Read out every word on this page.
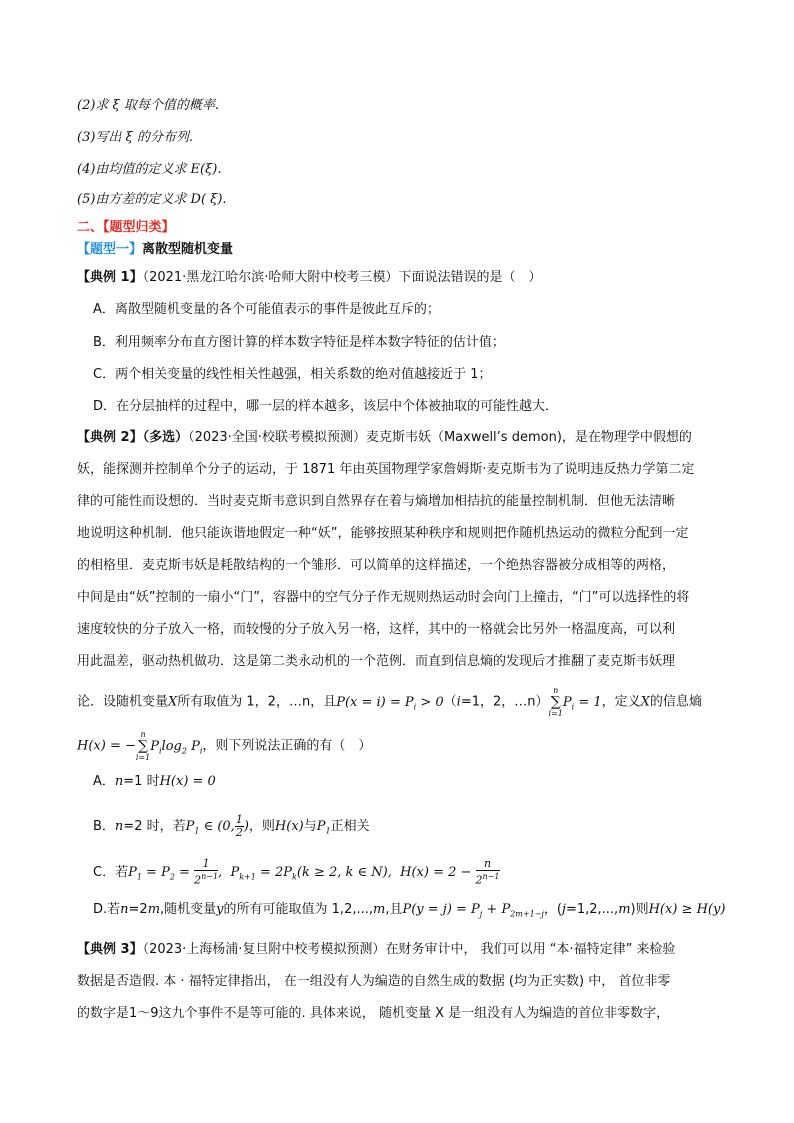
(2)求 ξ 取每个值的概率.
(3)写出 ξ 的分布列.
(4)由均值的定义求 E(ξ).
(5)由方差的定义求 D( ξ).
二、【题型归类】
【题型一】离散型随机变量
【典例 1】（2021·黑龙江哈尔滨·哈师大附中校考三模）下面说法错误的是（　）
A．离散型随机变量的各个可能值表示的事件是彼此互斥的；
B．利用频率分布直方图计算的样本数字特征是样本数字特征的估计值；
C．两个相关变量的线性相关性越强，相关系数的绝对值越接近于 1；
D．在分层抽样的过程中，哪一层的样本越多，该层中个体被抽取的可能性越大．
【典例 2】（多选）（2023·全国·校联考模拟预测）麦克斯韦妖（Maxwell’s demon)，是在物理学中假想的
妖，能探测并控制单个分子的运动，于 1871 年由英国物理学家詹姆斯·麦克斯韦为了说明违反热力学第二定
律的可能性而设想的．当时麦克斯韦意识到自然界存在着与熵增加相拮抗的能量控制机制．但他无法清晰
地说明这种机制．他只能诙谐地假定一种“妖”，能够按照某种秩序和规则把作随机热运动的微粒分配到一定
的相格里．麦克斯韦妖是耗散结构的一个雏形．可以简单的这样描述，一个绝热容器被分成相等的两格，
中间是由“妖”控制的一扇小“门”，容器中的空气分子作无规则热运动时会向门上撞击，“门”可以选择性的将
速度较快的分子放入一格，而较慢的分子放入另一格，这样，其中的一格就会比另外一格温度高，可以利
用此温差，驱动热机做功．这是第二类永动机的一个范例．而直到信息熵的发现后才推翻了麦克斯韦妖理
论．设随机变量X所有取值为 1，2，…n，且$P(x = i) = P_i > 0(i=1$，2，…n）
n
∑
i=1
$P_i = 1$，定义X的信息熵
H(x) = −
n
∑
i=1
$P_i\log_2$ $P_i$，则下列说法正确的有（　）
A．n=1 时H(x) = 0
B．n=2 时，若$P_1$ ∈ (0, $\frac{1}{2}$ )，则H(x)与$P_1$正相关
C．若$P_1 = P_2 = \frac{1}{2^{n-1}}$ ,  $P_{k+1} = 2P_k(k \ge 2$, k ∈ N),  $H(x) = 2 - \frac{n}{2^{n-1}}$
D.若n=2m,随机变量y的所有可能取值为 1,2,...,m,且$P(y = j) = P_j + P_{2m+1-j}$，(j=1,2,...,m)则H(x) ≥ H(y)
【典例 3】（2023·上海杨浦·复旦附中校考模拟预测）在财务审计中， 我们可以用 “本·福特定律” 来检验
数据是否造假. 本 · 福特定律指出， 在一组没有人为编造的自然生成的数据 (均为正实数) 中， 首位非零
的数字是1～9这九个事件不是等可能的. 具体来说， 随机变量 X 是一组没有人为编造的首位非零数字，
